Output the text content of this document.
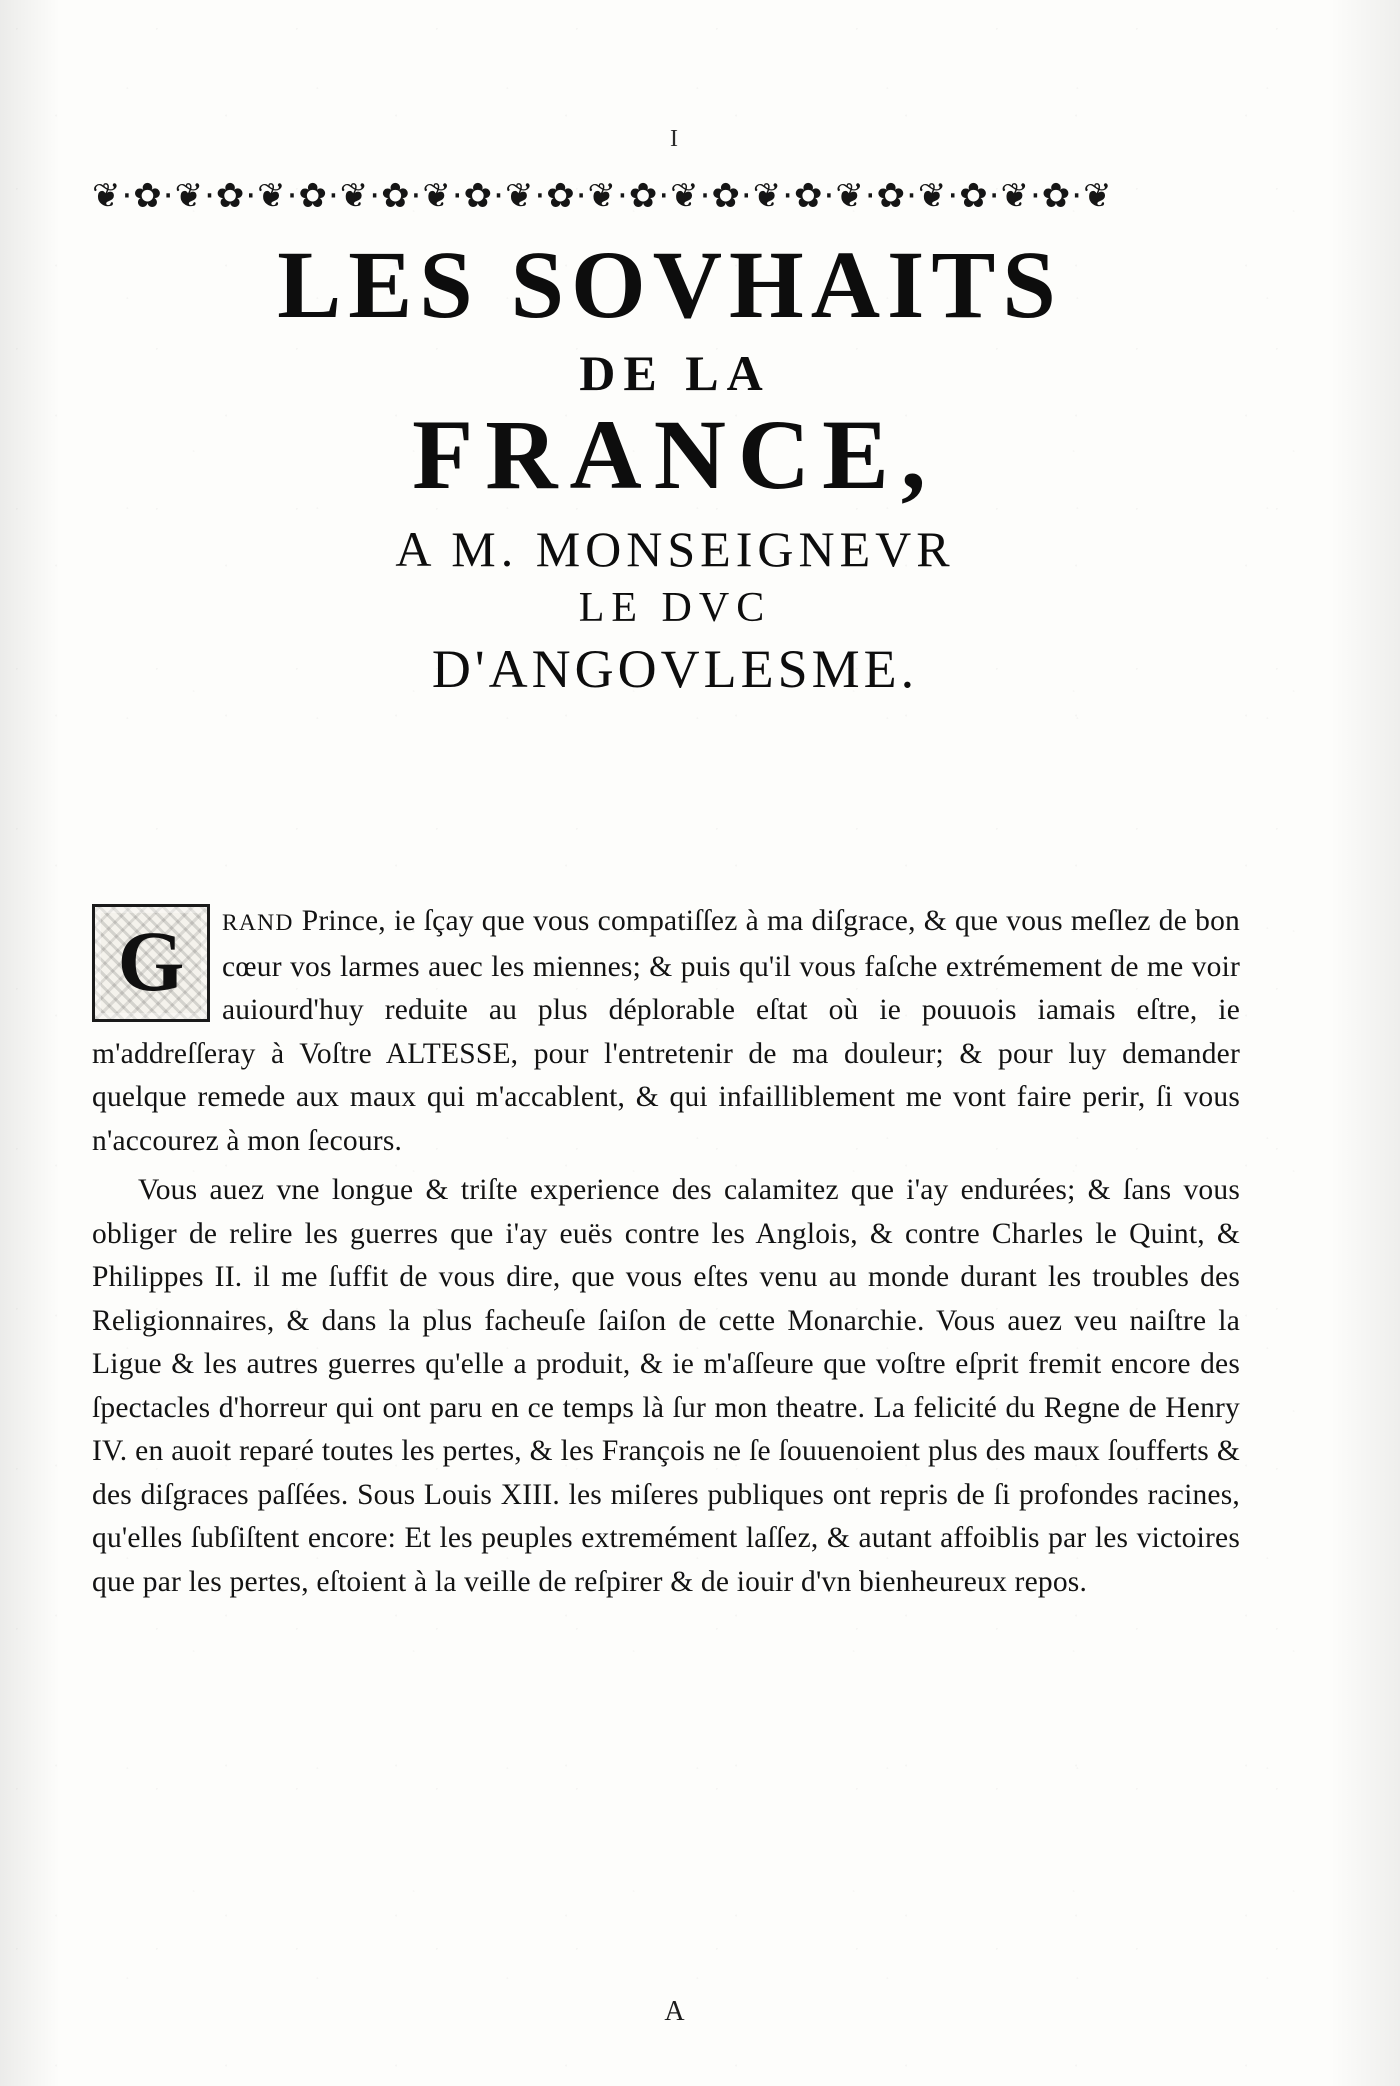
I
❦·✿·❦·✿·❦·✿·❦·✿·❦·✿·❦·✿·❦·✿·❦·✿·❦·✿·❦·✿·❦·✿·❦·✿·❦
LES SOVHAITS
DE LA
FRANCE,
A M. MONSEIGNEVR
LE DVC
D'ANGOVLESME.

G	RAND Prince, ie ſçay que vous compatiſſez à ma diſgrace, & que vous meſlez de bon cœur vos larmes auec les miennes; & puis qu'il vous faſche extrémement de me voir auiourd'huy reduite au plus déplorable eſtat où ie pouuois iamais eſtre, ie m'addreſſeray à Voſtre ALTESSE, pour l'entretenir de ma douleur; & pour luy demander quelque remede aux maux qui m'accablent, & qui infailliblement me vont faire perir, ſi vous n'accourez à mon ſecours.

Vous auez vne longue & triſte experience des calamitez que i'ay endurées; & ſans vous obliger de relire les guerres que i'ay euës contre les Anglois, & contre Charles le Quint, & Philippes II. il me ſuffit de vous dire, que vous eſtes venu au monde durant les troubles des Religionnaires, & dans la plus facheuſe ſaiſon de cette Monarchie. Vous auez veu naiſtre la Ligue & les autres guerres qu'elle a produit, & ie m'aſſeure que voſtre eſprit fremit encore des ſpectacles d'horreur qui ont paru en ce temps là ſur mon theatre. La felicité du Regne de Henry IV. en auoit reparé toutes les pertes, & les François ne ſe ſouuenoient plus des maux ſoufferts & des diſgraces paſſées. Sous Louis XIII. les miſeres publiques ont repris de ſi profondes racines, qu'elles ſubſiſtent encore: Et les peuples extremément laſſez, & autant affoiblis par les victoires que par les pertes, eſtoient à la veille de reſpirer & de iouir d'vn bienheureux repos.

A
